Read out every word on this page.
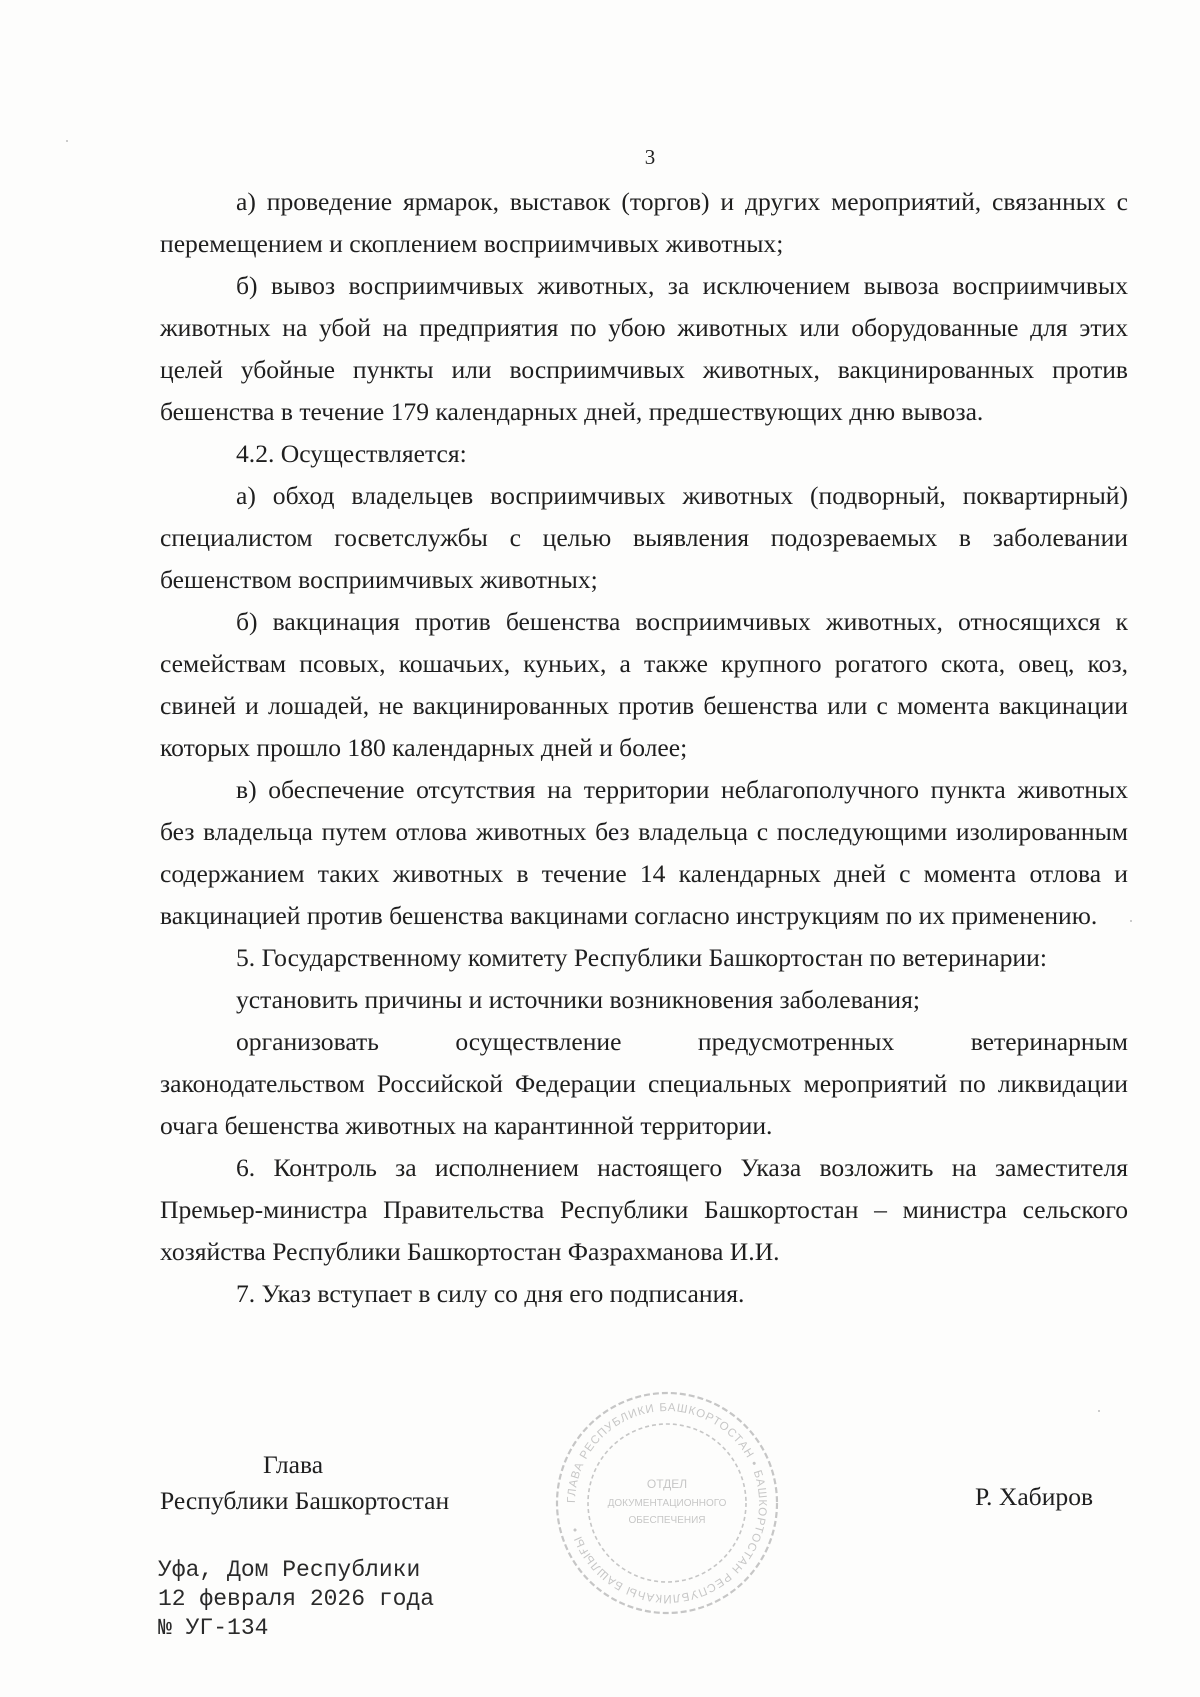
3

а) проведение ярмарок, выставок (торгов) и других мероприятий, связанных с перемещением и скоплением восприимчивых животных;

б) вывоз восприимчивых животных, за исключением вывоза восприимчивых животных на убой на предприятия по убою животных или оборудованные для этих целей убойные пункты или восприимчивых животных, вакцинированных против бешенства в течение 179 календарных дней, предшествующих дню вывоза.

4.2. Осуществляется:

а) обход владельцев восприимчивых животных (подворный, поквартирный) специалистом госветслужбы с целью выявления подозреваемых в заболевании бешенством восприимчивых животных;

б) вакцинация против бешенства восприимчивых животных, относящихся к семействам псовых, кошачьих, куньих, а также крупного рогатого скота, овец, коз, свиней и лошадей, не вакцинированных против бешенства или с момента вакцинации которых прошло 180 календарных дней и более;

в) обеспечение отсутствия на территории неблагополучного пункта животных без владельца путем отлова животных без владельца с последующими изолированным содержанием таких животных в течение 14 календарных дней с момента отлова и вакцинацией против бешенства вакцинами согласно инструкциям по их применению.

5. Государственному комитету Республики Башкортостан по ветеринарии:

установить причины и источники возникновения заболевания;

организовать осуществление предусмотренных ветеринарным законодательством Российской Федерации специальных мероприятий по ликвидации очага бешенства животных на карантинной территории.

6. Контроль за исполнением настоящего Указа возложить на заместителя Премьер-министра Правительства Республики Башкортостан – министра сельского хозяйства Республики Башкортостан Фазрахманова И.И.

7. Указ вступает в силу со дня его подписания.

Глава
Республики Башкортостан	ГЛАВА РЕСПУБЛИКИ БАШКОРТОСТАН • БАШКОРТОСТАН РЕСПУБЛИКАҺЫ БАШЛЫҒЫ •
ОТДЕЛ
ДОКУМЕНТАЦИОННОГО
ОБЕСПЕЧЕНИЯ
Р. Хабиров
Уфа, Дом Республики
12 февраля 2026 года
№ УГ-134
